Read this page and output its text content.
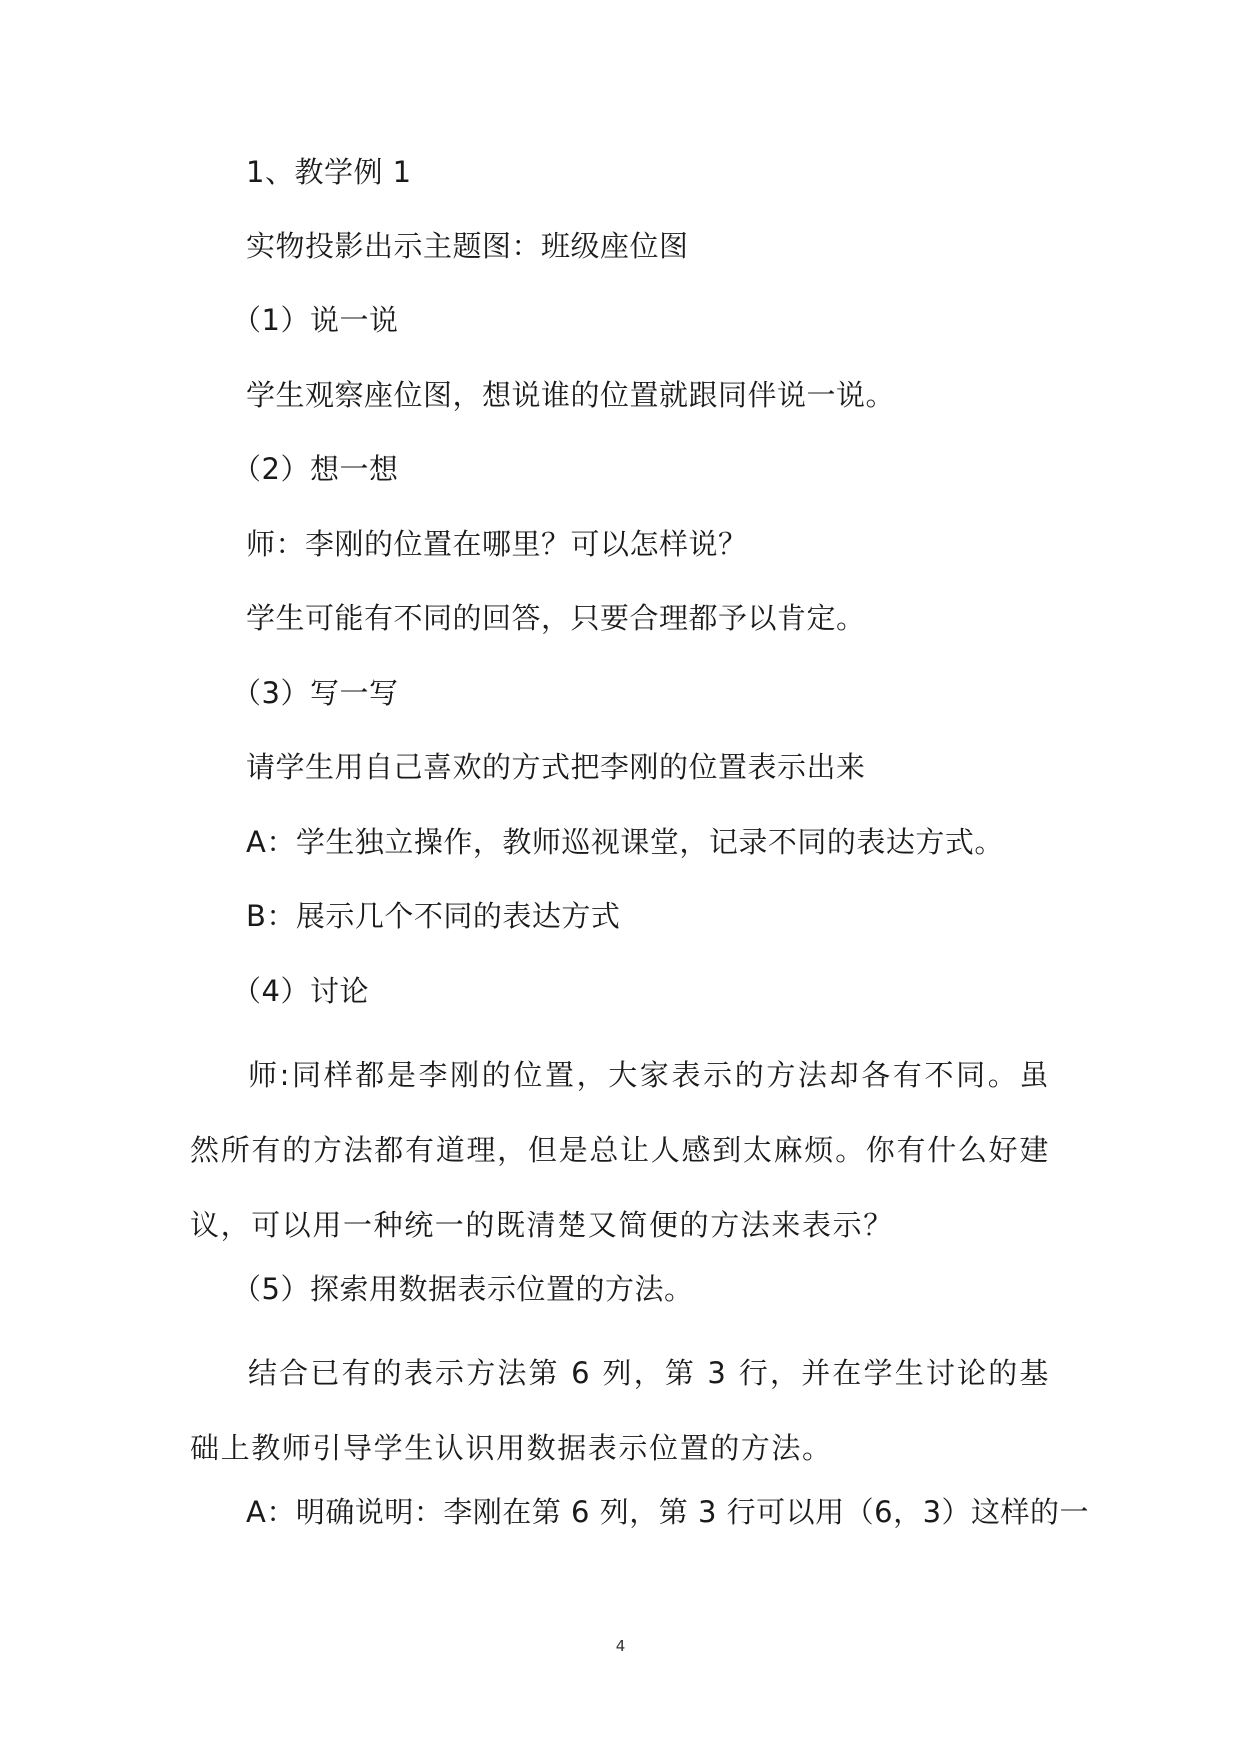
1、教学例 1

实物投影出示主题图：班级座位图

（1）说一说

学生观察座位图，想说谁的位置就跟同伴说一说。

（2）想一想

师：李刚的位置在哪里？可以怎样说？

学生可能有不同的回答，只要合理都予以肯定。

（3）写一写

请学生用自己喜欢的方式把李刚的位置表示出来

A：学生独立操作，教师巡视课堂，记录不同的表达方式。

B：展示几个不同的表达方式

（4）讨论

师:同样都是李刚的位置，大家表示的方法却各有不同。虽然所有的方法都有道理，但是总让人感到太麻烦。你有什么好建议，可以用一种统一的既清楚又简便的方法来表示？

（5）探索用数据表示位置的方法。

结合已有的表示方法第 6 列，第 3 行，并在学生讨论的基础上教师引导学生认识用数据表示位置的方法。

A：明确说明：李刚在第 6 列，第 3 行可以用（6，3）这样的一

4
